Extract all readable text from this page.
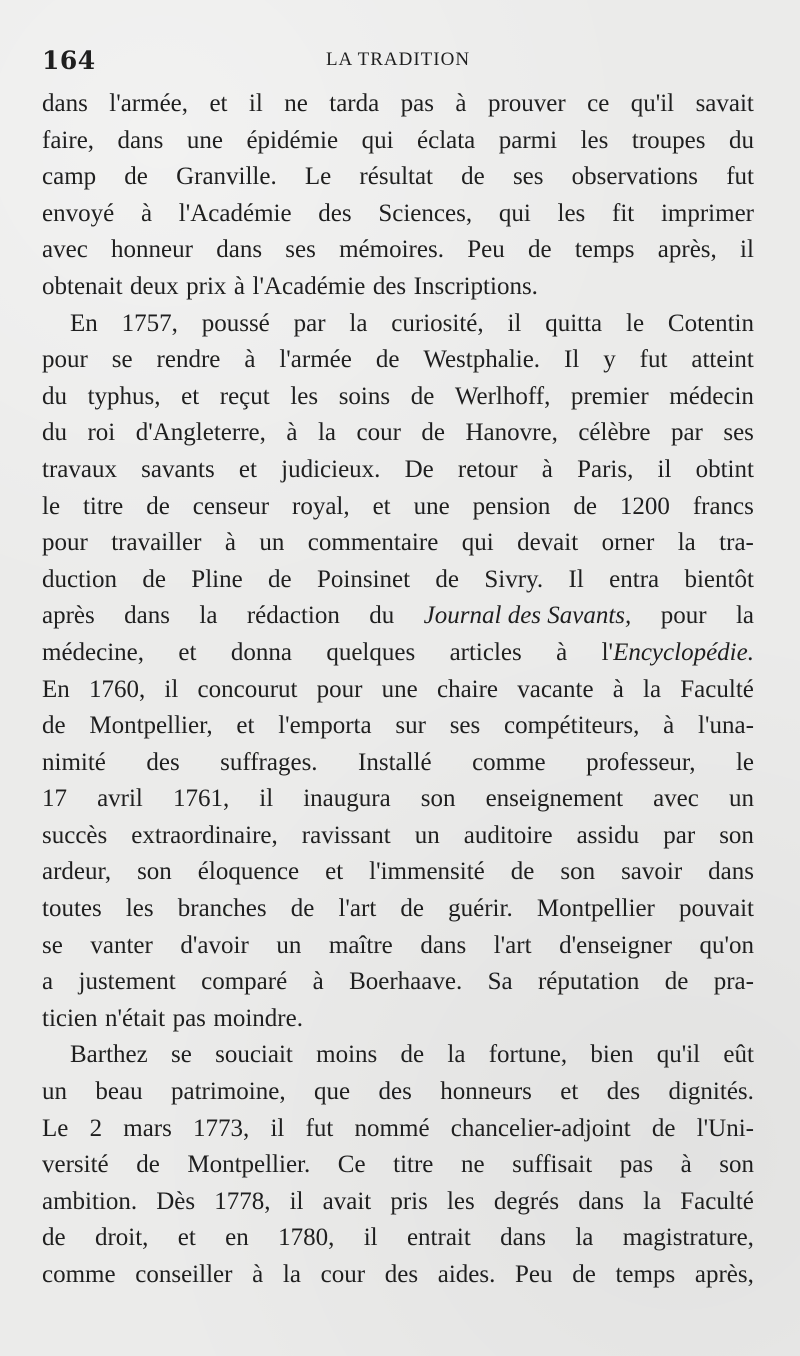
164	LA TRADITION
dans l'armée, et il ne tarda pas à prouver ce qu'il savait
faire, dans une épidémie qui éclata parmi les troupes du
camp de Granville. Le résultat de ses observations fut
envoyé à l'Académie des Sciences, qui les fit imprimer
avec honneur dans ses mémoires. Peu de temps après, il
obtenait deux prix à l'Académie des Inscriptions.
En 1757, poussé par la curiosité, il quitta le Cotentin
pour se rendre à l'armée de Westphalie. Il y fut atteint
du typhus, et reçut les soins de Werlhoff, premier médecin
du roi d'Angleterre, à la cour de Hanovre, célèbre par ses
travaux savants et judicieux. De retour à Paris, il obtint
le titre de censeur royal, et une pension de 1200 francs
pour travailler à un commentaire qui devait orner la tra-
duction de Pline de Poinsinet de Sivry. Il entra bientôt
après dans la rédaction du Journal des Savants, pour la
médecine, et donna quelques articles à l'Encyclopédie.
En 1760, il concourut pour une chaire vacante à la Faculté
de Montpellier, et l'emporta sur ses compétiteurs, à l'una-
nimité des suffrages. Installé comme professeur, le
17 avril 1761, il inaugura son enseignement avec un
succès extraordinaire, ravissant un auditoire assidu par son
ardeur, son éloquence et l'immensité de son savoir dans
toutes les branches de l'art de guérir. Montpellier pouvait
se vanter d'avoir un maître dans l'art d'enseigner qu'on
a justement comparé à Boerhaave. Sa réputation de pra-
ticien n'était pas moindre.
Barthez se souciait moins de la fortune, bien qu'il eût
un beau patrimoine, que des honneurs et des dignités.
Le 2 mars 1773, il fut nommé chancelier-adjoint de l'Uni-
versité de Montpellier. Ce titre ne suffisait pas à son
ambition. Dès 1778, il avait pris les degrés dans la Faculté
de droit, et en 1780, il entrait dans la magistrature,
comme conseiller à la cour des aides. Peu de temps après,
